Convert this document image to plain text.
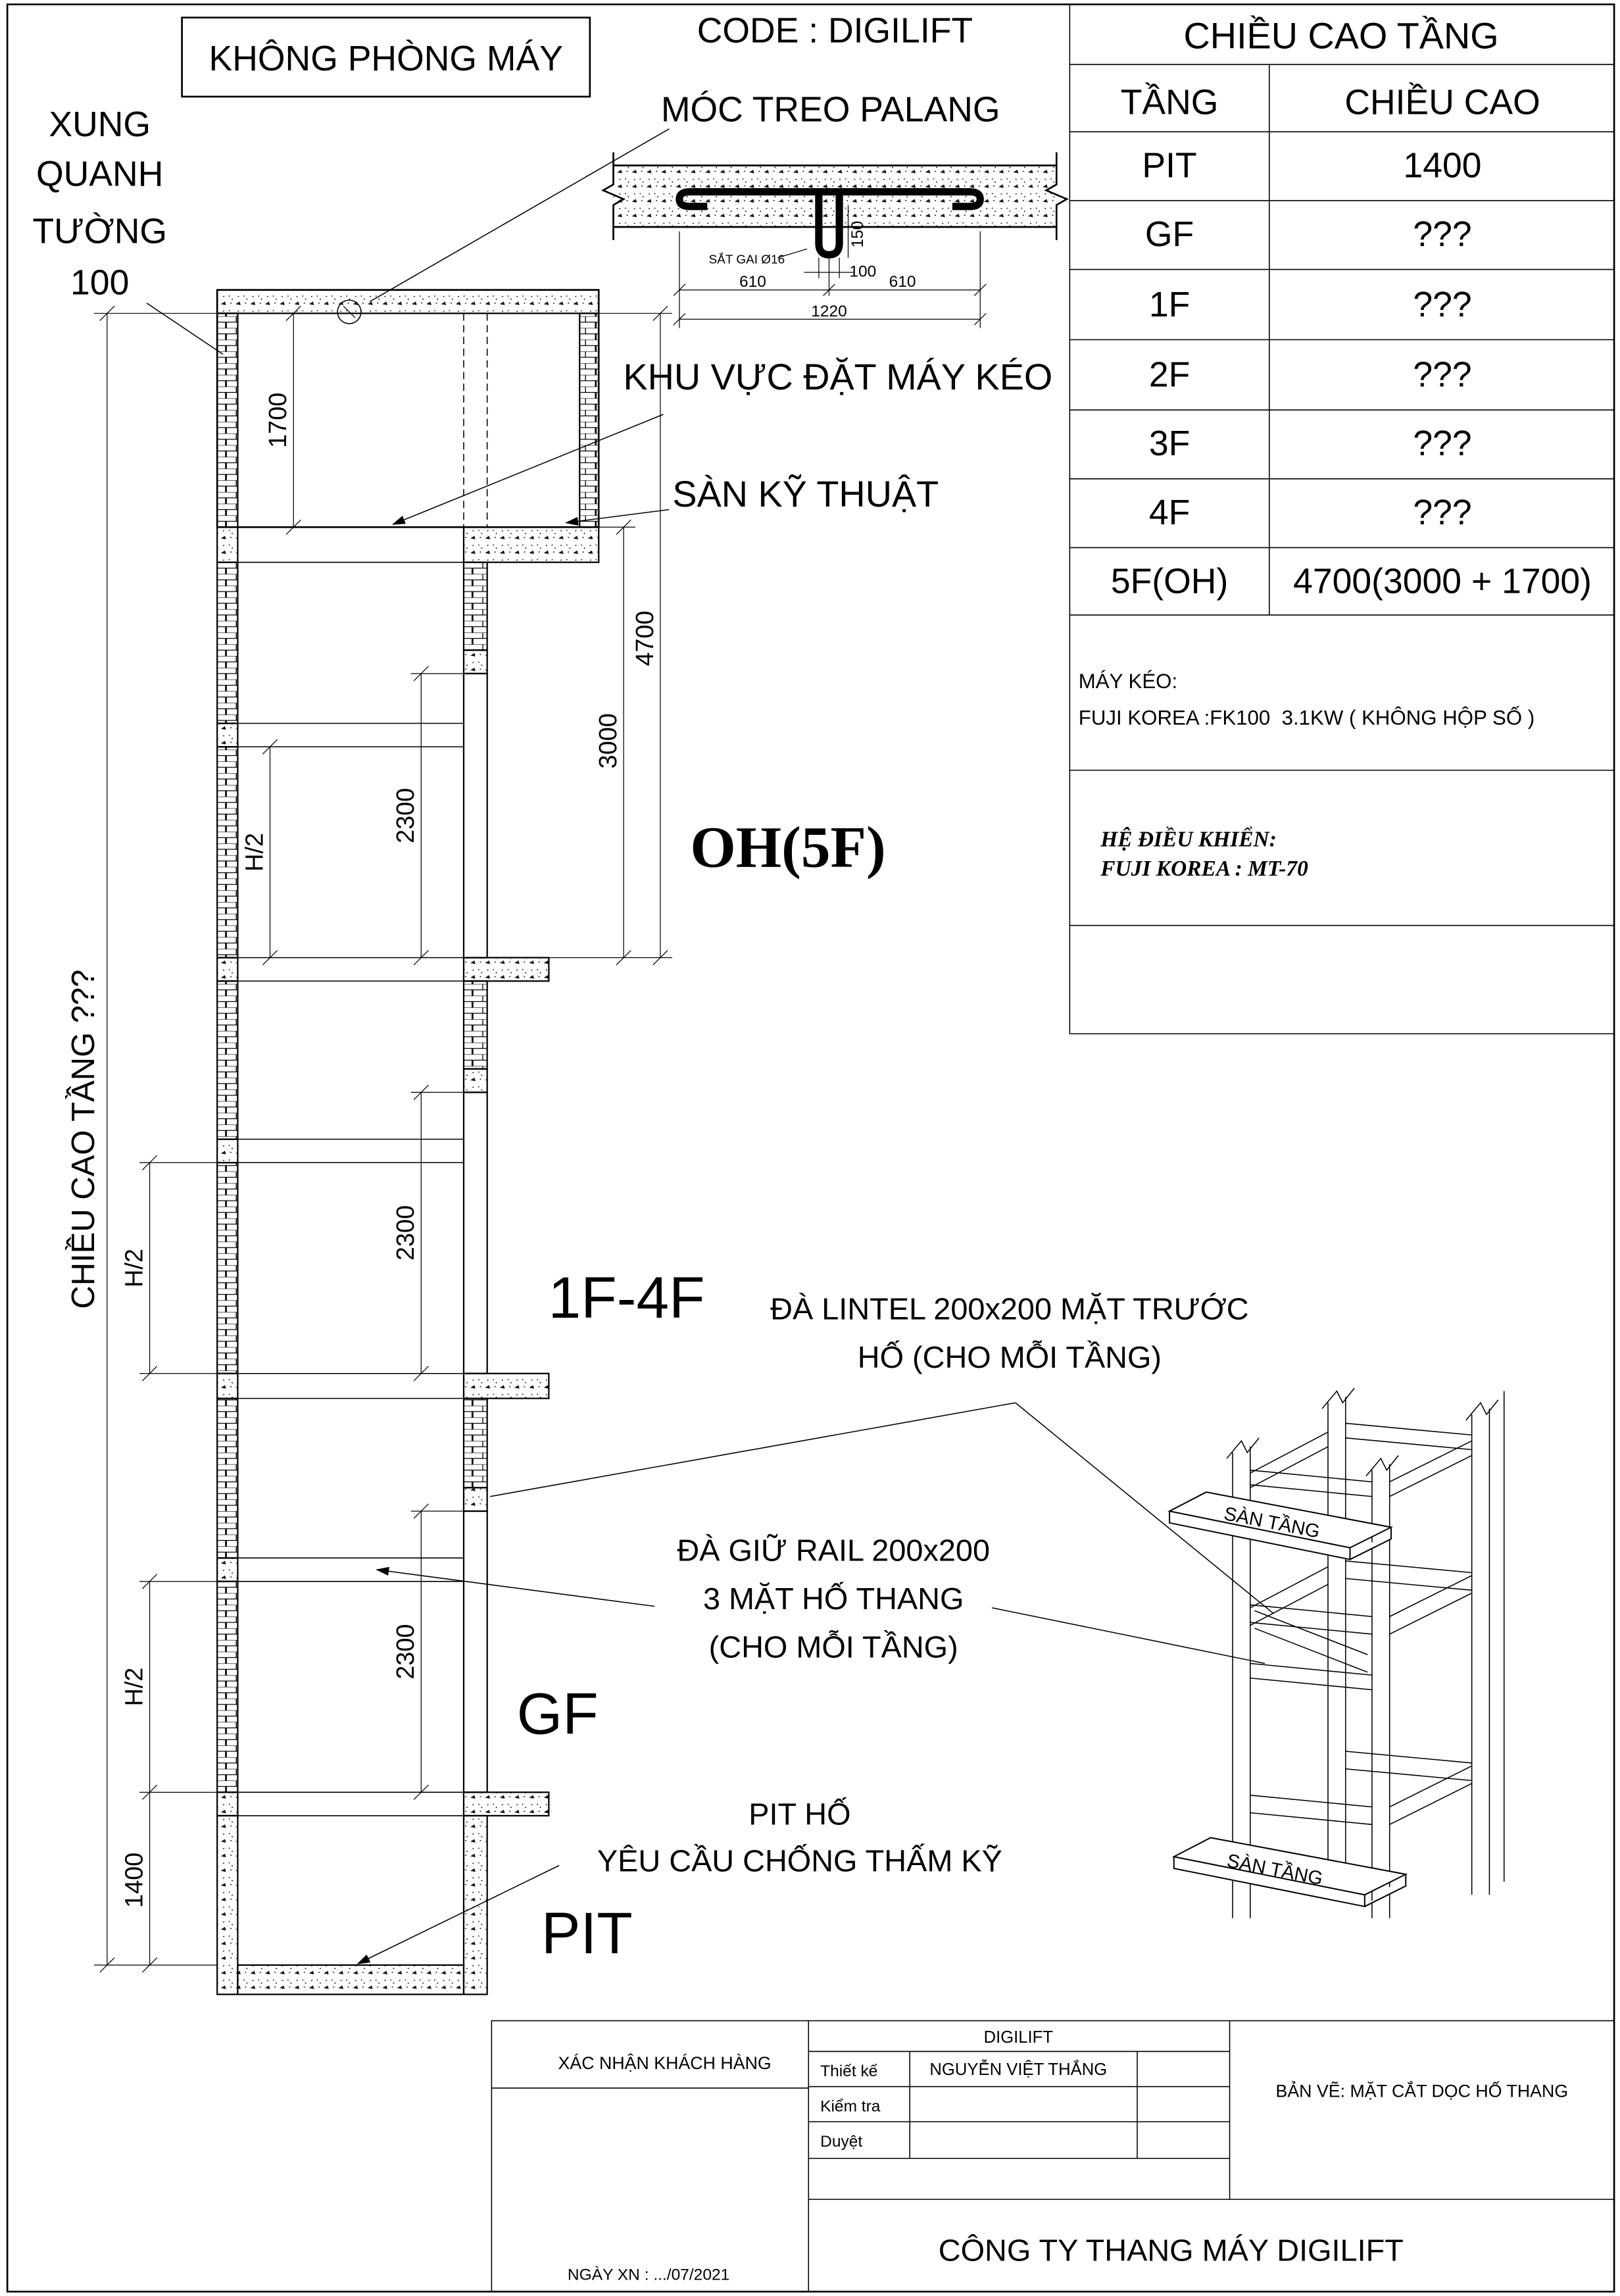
KHÔNG PHÒNG MÁY
CODE : DIGILIFT
MÓC TREO PALANG
XUNG
QUANH
TƯỜNG
100
SẮT GAI Ø16
150
100
610	610
1220
CHIỀU CAO TẦNG
TẦNG	CHIỀU CAO
PIT	1400
GF	???
1F	???
2F	???
3F	???
4F	???
5F(OH)	4700(3000 + 1700)
MÁY KÉO:
FUJI KOREA :FK100  3.1KW ( KHÔNG HỘP SỐ )
HỆ ĐIỀU KHIỂN:
FUJI KOREA : MT-70
CHIỀU CAO TẦNG ???
1700
4700
3000
2300
2300
2300
H/2
H/2
H/2
1400
KHU VỰC ĐẶT MÁY KÉO
SÀN KỸ THUẬT
OH(5F)
1F-4F
GF
PIT
ĐÀ LINTEL 200x200 MẶT TRƯỚC
HỐ (CHO MỖI TẦNG)
ĐÀ GIỮ RAIL 200x200
3 MẶT HỐ THANG
(CHO MỖI TẦNG)
PIT HỐ
YÊU CẦU CHỐNG THẤM KỸ
SÀN TẦNG
SÀN TẦNG
XÁC NHẬN KHÁCH HÀNG
NGÀY XN : .../07/2021
DIGILIFT
Thiết kế	NGUYỄN VIỆT THẮNG
Kiểm tra
Duyệt
BẢN VẼ: MẶT CẮT DỌC HỐ THANG
CÔNG TY THANG MÁY DIGILIFT
